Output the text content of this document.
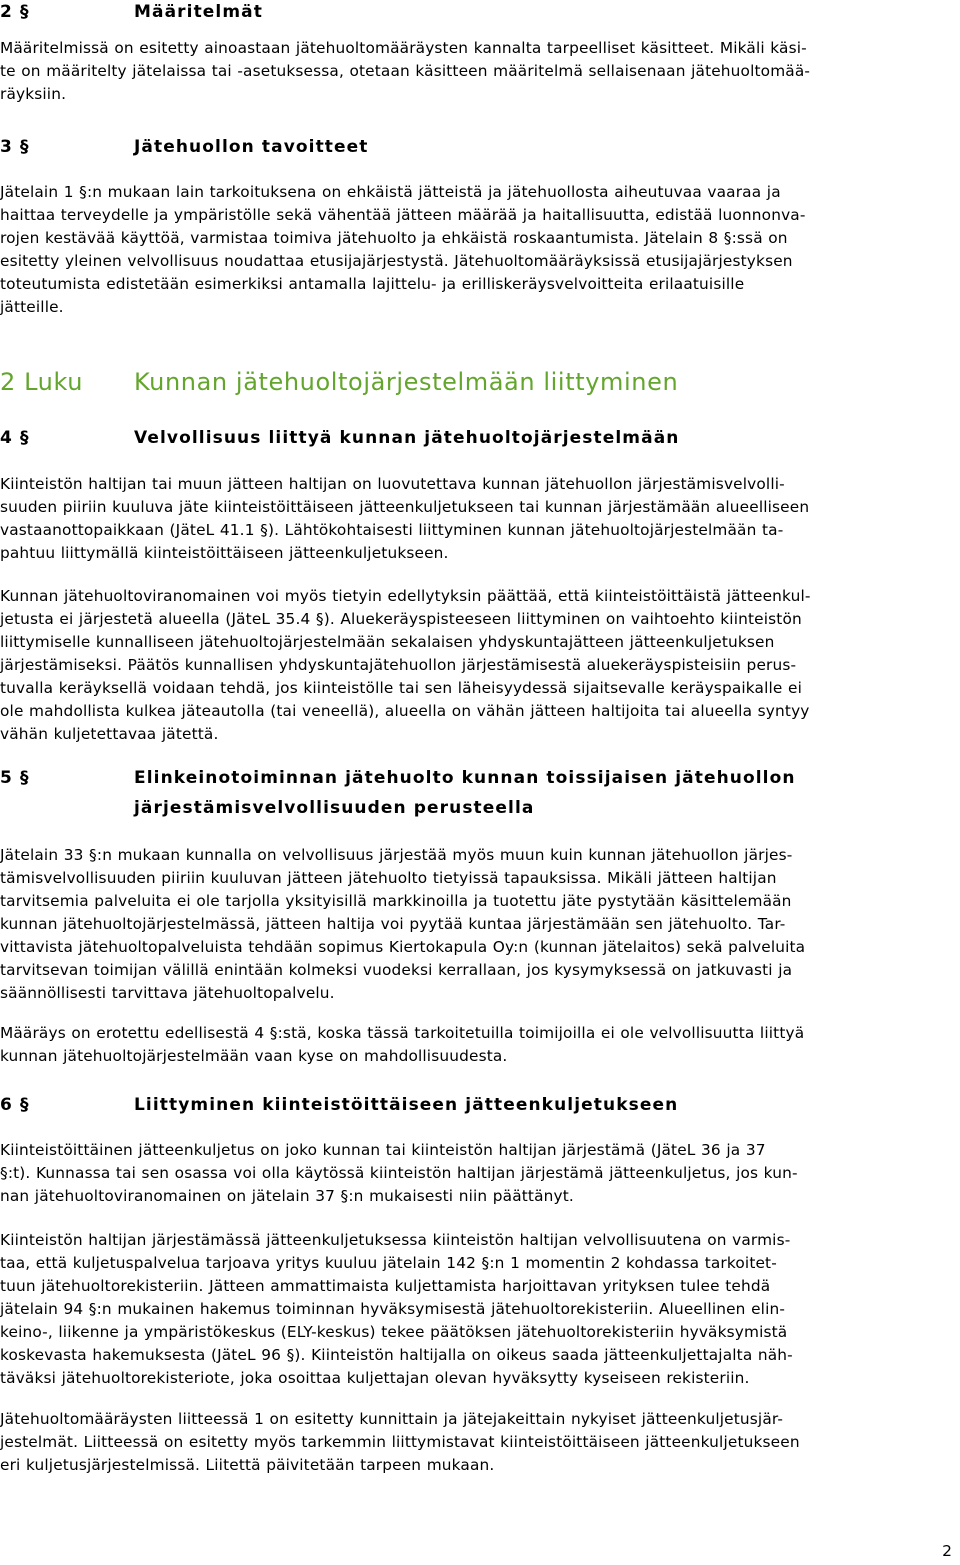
2 §	Määritelmät

Määritelmissä on esitetty ainoastaan jätehuoltomääräysten kannalta tarpeelliset käsitteet. Mikäli käsi-
te on määritelty jätelaissa tai -asetuksessa, otetaan käsitteen määritelmä sellaisenaan jätehuoltomää-
räyksiin.

3 §	Jätehuollon tavoitteet

Jätelain 1 §:n mukaan lain tarkoituksena on ehkäistä jätteistä ja jätehuollosta aiheutuvaa vaaraa ja
haittaa terveydelle ja ympäristölle sekä vähentää jätteen määrää ja haitallisuutta, edistää luonnonva-
rojen kestävää käyttöä, varmistaa toimiva jätehuolto ja ehkäistä roskaantumista. Jätelain 8 §:ssä on
esitetty yleinen velvollisuus noudattaa etusijajärjestystä. Jätehuoltomääräyksissä etusijajärjestyksen
toteutumista edistetään esimerkiksi antamalla lajittelu- ja erilliskeräysvelvoitteita erilaatuisille
jätteille.

2 Luku Kunnan jätehuoltojärjestelmään liittyminen
4 §	Velvollisuus liittyä kunnan jätehuoltojärjestelmään

Kiinteistön haltijan tai muun jätteen haltijan on luovutettava kunnan jätehuollon järjestämisvelvolli-
suuden piiriin kuuluva jäte kiinteistöittäiseen jätteenkuljetukseen tai kunnan järjestämään alueelliseen
vastaanottopaikkaan (JäteL 41.1 §). Lähtökohtaisesti liittyminen kunnan jätehuoltojärjestelmään ta-
pahtuu liittymällä kiinteistöittäiseen jätteenkuljetukseen.

Kunnan jätehuoltoviranomainen voi myös tietyin edellytyksin päättää, että kiinteistöittäistä jätteenkul-
jetusta ei järjestetä alueella (JäteL 35.4 §). Aluekeräyspisteeseen liittyminen on vaihtoehto kiinteistön
liittymiselle kunnalliseen jätehuoltojärjestelmään sekalaisen yhdyskuntajätteen jätteenkuljetuksen
järjestämiseksi. Päätös kunnallisen yhdyskuntajätehuollon järjestämisestä aluekeräyspisteisiin perus-
tuvalla keräyksellä voidaan tehdä, jos kiinteistölle tai sen läheisyydessä sijaitsevalle keräyspaikalle ei
ole mahdollista kulkea jäteautolla (tai veneellä), alueella on vähän jätteen haltijoita tai alueella syntyy
vähän kuljetettavaa jätettä.

5 §	Elinkeinotoiminnan jätehuolto kunnan toissijaisen jätehuollon
järjestämisvelvollisuuden perusteella

Jätelain 33 §:n mukaan kunnalla on velvollisuus järjestää myös muun kuin kunnan jätehuollon järjes-
tämisvelvollisuuden piiriin kuuluvan jätteen jätehuolto tietyissä tapauksissa. Mikäli jätteen haltijan
tarvitsemia palveluita ei ole tarjolla yksityisillä markkinoilla ja tuotettu jäte pystytään käsittelemään
kunnan jätehuoltojärjestelmässä, jätteen haltija voi pyytää kuntaa järjestämään sen jätehuolto. Tar-
vittavista jätehuoltopalveluista tehdään sopimus Kiertokapula Oy:n (kunnan jätelaitos) sekä palveluita
tarvitsevan toimijan välillä enintään kolmeksi vuodeksi kerrallaan, jos kysymyksessä on jatkuvasti ja
säännöllisesti tarvittava jätehuoltopalvelu.

Määräys on erotettu edellisestä 4 §:stä, koska tässä tarkoitetuilla toimijoilla ei ole velvollisuutta liittyä
kunnan jätehuoltojärjestelmään vaan kyse on mahdollisuudesta.

6 §	Liittyminen kiinteistöittäiseen jätteenkuljetukseen

Kiinteistöittäinen jätteenkuljetus on joko kunnan tai kiinteistön haltijan järjestämä (JäteL 36 ja 37
§:t). Kunnassa tai sen osassa voi olla käytössä kiinteistön haltijan järjestämä jätteenkuljetus, jos kun-
nan jätehuoltoviranomainen on jätelain 37 §:n mukaisesti niin päättänyt.

Kiinteistön haltijan järjestämässä jätteenkuljetuksessa kiinteistön haltijan velvollisuutena on varmis-
taa, että kuljetuspalvelua tarjoava yritys kuuluu jätelain 142 §:n 1 momentin 2 kohdassa tarkoitet-
tuun jätehuoltorekisteriin. Jätteen ammattimaista kuljettamista harjoittavan yrityksen tulee tehdä
jätelain 94 §:n mukainen hakemus toiminnan hyväksymisestä jätehuoltorekisteriin. Alueellinen elin-
keino-, liikenne ja ympäristökeskus (ELY-keskus) tekee päätöksen jätehuoltorekisteriin hyväksymistä
koskevasta hakemuksesta (JäteL 96 §). Kiinteistön haltijalla on oikeus saada jätteenkuljettajalta näh-
täväksi jätehuoltorekisteriote, joka osoittaa kuljettajan olevan hyväksytty kyseiseen rekisteriin.

Jätehuoltomääräysten liitteessä 1 on esitetty kunnittain ja jätejakeittain nykyiset jätteenkuljetusjär-
jestelmät. Liitteessä on esitetty myös tarkemmin liittymistavat kiinteistöittäiseen jätteenkuljetukseen
eri kuljetusjärjestelmissä. Liitettä päivitetään tarpeen mukaan.

2
